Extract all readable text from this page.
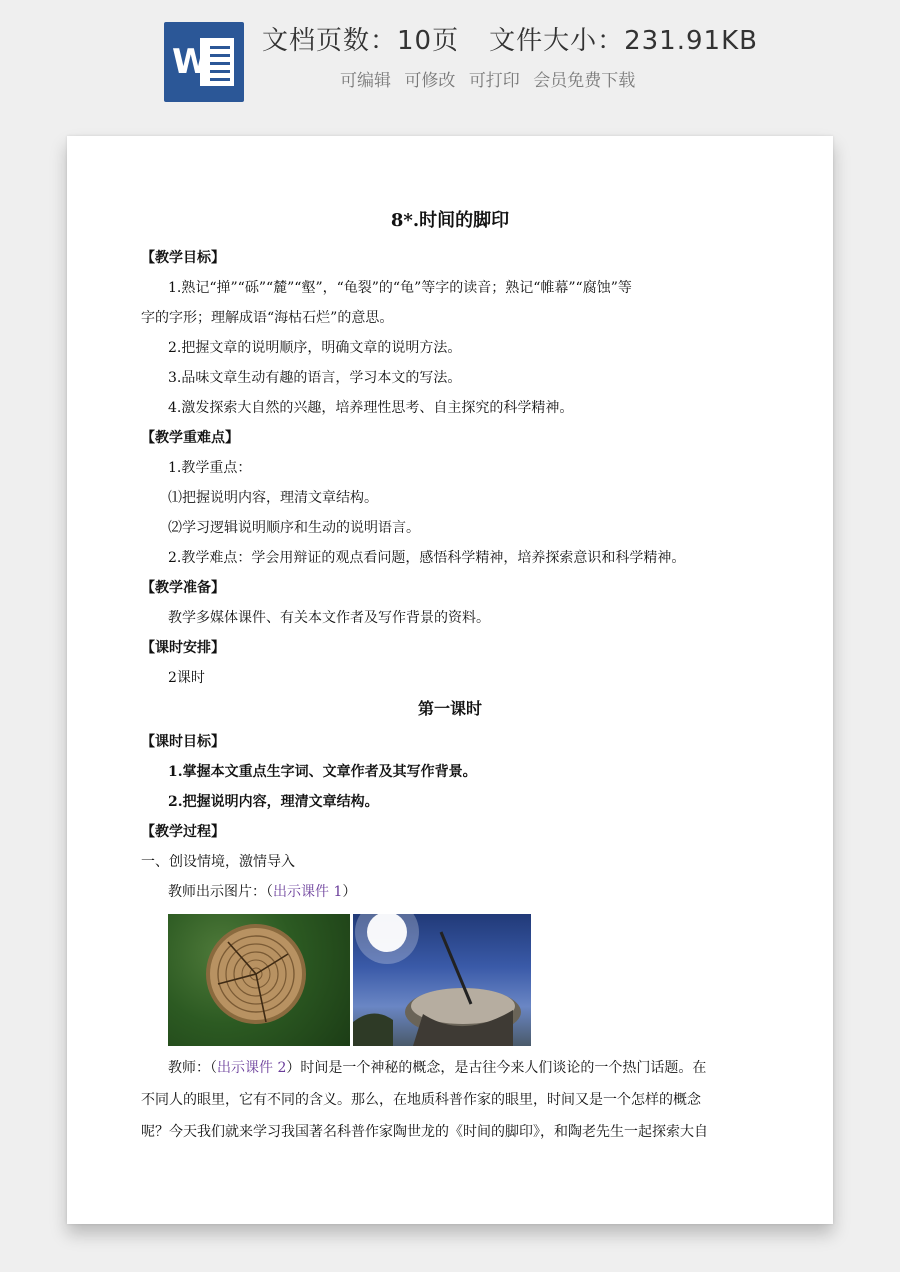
W
文档页数：10页 文件大小：231.91KB
可编辑 可修改 可打印 会员免费下载
8*.时间的脚印
【教学目标】
1.熟记“掸”“砾”“麓”“壑”，“龟裂”的“龟”等字的读音；熟记“帷幕”“腐蚀”等
字的字形；理解成语“海枯石烂”的意思。
2.把握文章的说明顺序，明确文章的说明方法。
3.品味文章生动有趣的语言，学习本文的写法。
4.激发探索大自然的兴趣，培养理性思考、自主探究的科学精神。
【教学重难点】
1.教学重点：
⑴把握说明内容，理清文章结构。
⑵学习逻辑说明顺序和生动的说明语言。
2.教学难点：学会用辩证的观点看问题，感悟科学精神，培养探索意识和科学精神。
【教学准备】
教学多媒体课件、有关本文作者及写作背景的资料。
【课时安排】
2课时
第一课时
【课时目标】
1.掌握本文重点生字词、文章作者及其写作背景。
2.把握说明内容，理清文章结构。
【教学过程】
一、创设情境，激情导入
教师出示图片：（出示课件 1）
教师：（出示课件 2）时间是一个神秘的概念，是古往今来人们谈论的一个热门话题。在
不同人的眼里，它有不同的含义。那么，在地质科普作家的眼里，时间又是一个怎样的概念
呢？今天我们就来学习我国著名科普作家陶世龙的《时间的脚印》，和陶老先生一起探索大自
